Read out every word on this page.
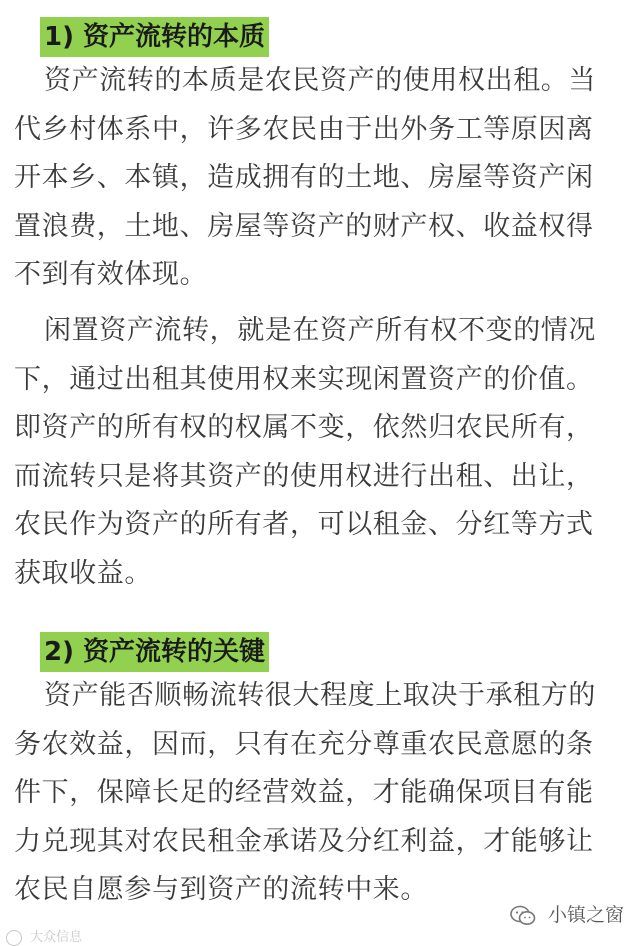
1) 资产流转的本质
资产流转的本质是农民资产的使用权出租。当
代乡村体系中，许多农民由于出外务工等原因离
开本乡、本镇，造成拥有的土地、房屋等资产闲
置浪费，土地、房屋等资产的财产权、收益权得
不到有效体现。
闲置资产流转，就是在资产所有权不变的情况
下，通过出租其使用权来实现闲置资产的价值。
即资产的所有权的权属不变，依然归农民所有，
而流转只是将其资产的使用权进行出租、出让，
农民作为资产的所有者，可以租金、分红等方式
获取收益。
2) 资产流转的关键
资产能否顺畅流转很大程度上取决于承租方的
务农效益，因而，只有在充分尊重农民意愿的条
件下，保障长足的经营效益，才能确保项目有能
力兑现其对农民租金承诺及分红利益，才能够让
农民自愿参与到资产的流转中来。
大众信息
小镇之窗
